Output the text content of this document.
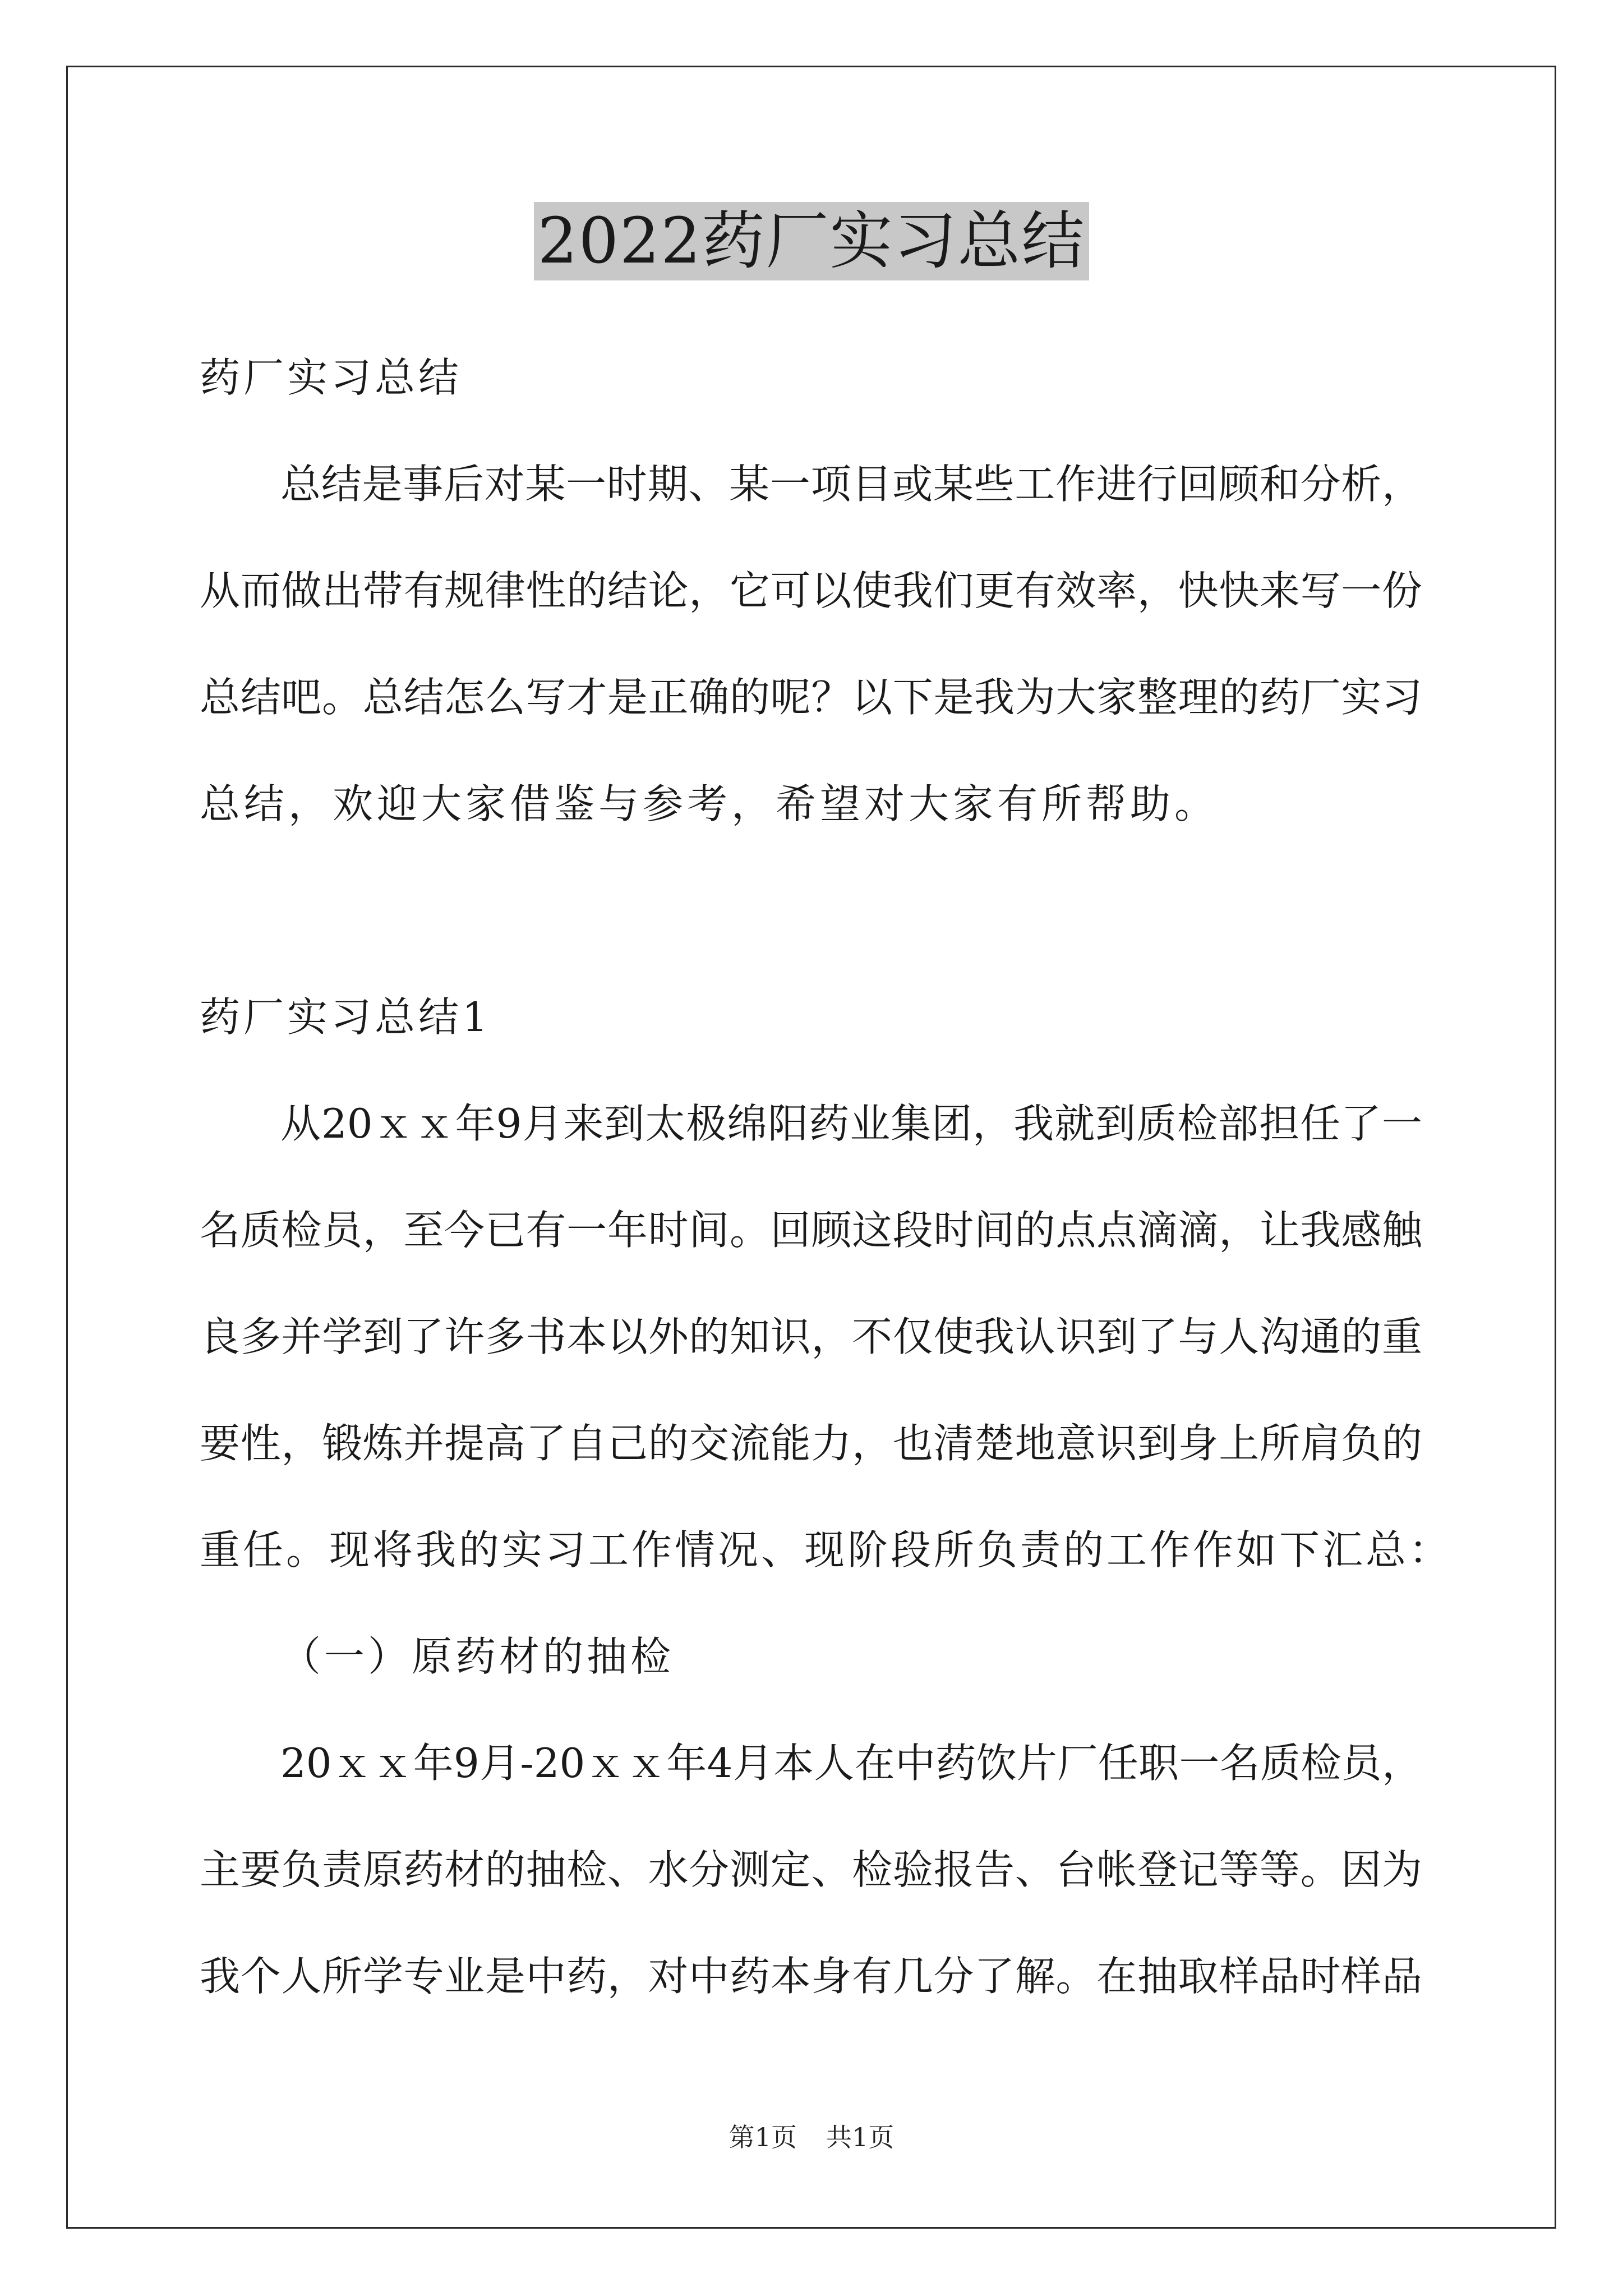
2022药厂实习总结
药厂实习总结
总结是事后对某一时期、某一项目或某些工作进行回顾和分析，
从而做出带有规律性的结论，它可以使我们更有效率，快快来写一份
总结吧。总结怎么写才是正确的呢？以下是我为大家整理的药厂实习
总结，欢迎大家借鉴与参考，希望对大家有所帮助。
药厂实习总结1
从20ｘｘ年9月来到太极绵阳药业集团，我就到质检部担任了一
名质检员，至今已有一年时间。回顾这段时间的点点滴滴，让我感触
良多并学到了许多书本以外的知识，不仅使我认识到了与人沟通的重
要性，锻炼并提高了自己的交流能力，也清楚地意识到身上所肩负的
重任。现将我的实习工作情况、现阶段所负责的工作作如下汇总：
（一）原药材的抽检
20ｘｘ年9月-20ｘｘ年4月本人在中药饮片厂任职一名质检员，
主要负责原药材的抽检、水分测定、检验报告、台帐登记等等。因为
我个人所学专业是中药，对中药本身有几分了解。在抽取样品时样品
第1页 共1页
